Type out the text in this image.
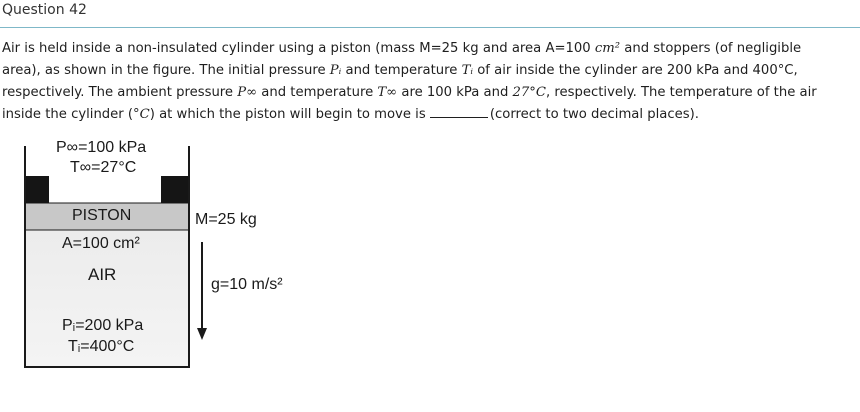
Question 42
Air is held inside a non-insulated cylinder using a piston (mass M=25 kg and area A=100 cm² and stoppers (of negligible
area), as shown in the figure. The initial pressure Pᵢ and temperature Tᵢ of air inside the cylinder are 200 kPa and 400°C,
respectively. The ambient pressure P∞ and temperature T∞ are 100 kPa and 27°C, respectively. The temperature of the air
inside the cylinder (°C) at which the piston will begin to move is	(correct to two decimal places).
P∞=100 kPa
T∞=27°C
PISTON
A=100 cm²
AIR
Pᵢ=200 kPa
Tᵢ=400°C
M=25 kg
g=10 m/s²
